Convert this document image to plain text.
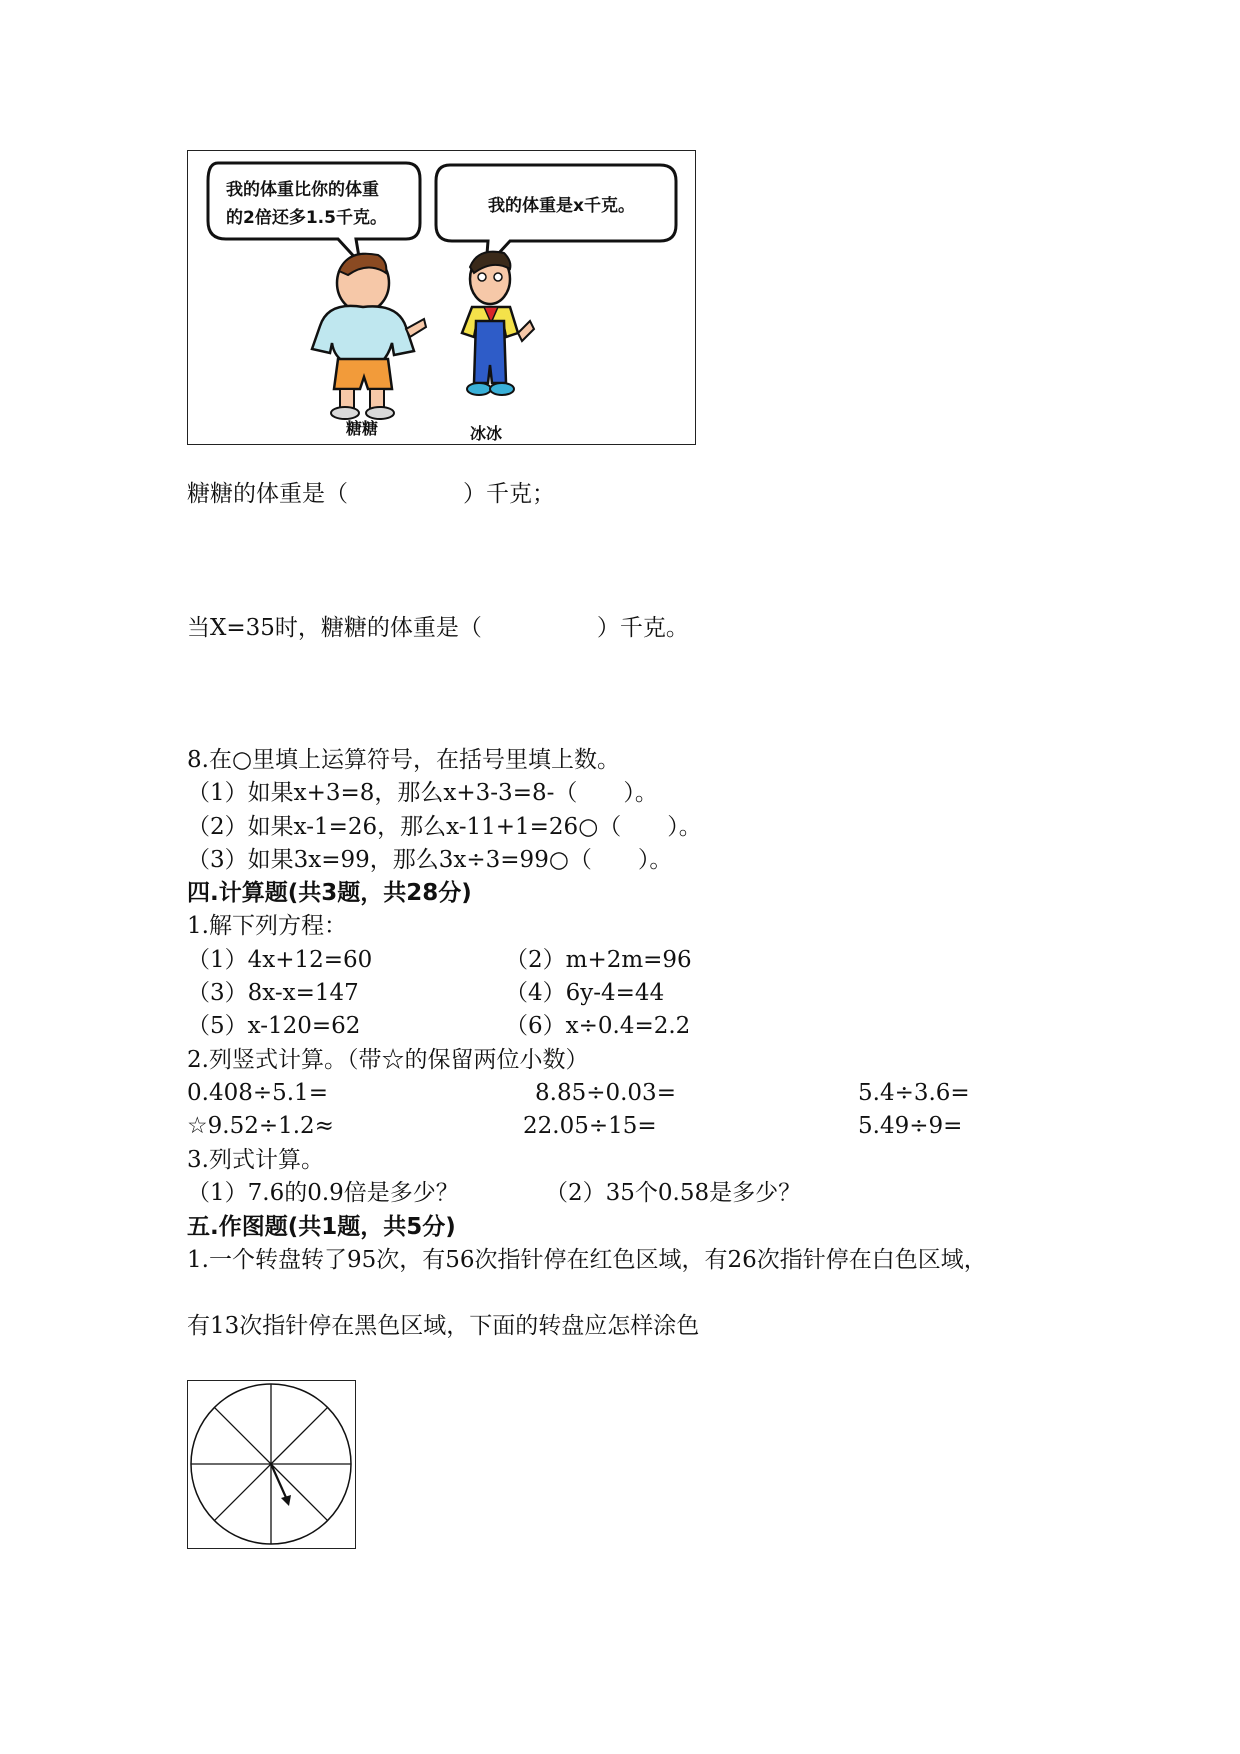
我的体重比你的体重
的2倍还多1.5千克。
我的体重是x千克。
糖糖	冰冰
糖糖的体重是（　　　　　）千克；
当X=35时，糖糖的体重是（　　　　　）千克。
8.在○里填上运算符号，在括号里填上数。
（1）如果x+3=8，那么x+3-3=8-（　　）。
（2）如果x-1=26，那么x-11+1=26○（　　）。
（3）如果3x=99，那么3x÷3=99○（　　）。
四.计算题(共3题，共28分)
1.解下列方程：
（1）4x+12=60	（2）m+2m=96
（3）8x-x=147	（4）6y-4=44
（5）x-120=62	（6）x÷0.4=2.2
2.列竖式计算。（带☆的保留两位小数）
0.408÷5.1=	8.85÷0.03=	5.4÷3.6=
☆9.52÷1.2≈	22.05÷15=	5.49÷9=
3.列式计算。
（1）7.6的0.9倍是多少？	（2）35个0.58是多少？
五.作图题(共1题，共5分)
1.一个转盘转了95次，有56次指针停在红色区域，有26次指针停在白色区域，
有13次指针停在黑色区域，下面的转盘应怎样涂色
